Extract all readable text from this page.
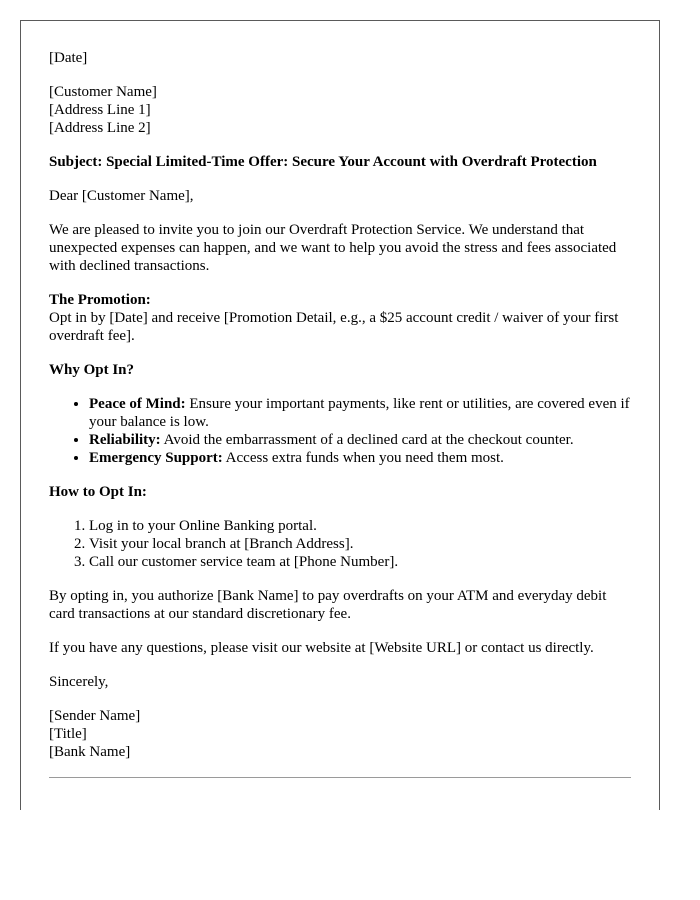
[Date]

[Customer Name]
[Address Line 1]
[Address Line 2]

Subject: Special Limited-Time Offer: Secure Your Account with Overdraft Protection

Dear [Customer Name],

We are pleased to invite you to join our Overdraft Protection Service. We understand that unexpected expenses can happen, and we want to help you avoid the stress and fees associated with declined transactions.

The Promotion:
Opt in by [Date] and receive [Promotion Detail, e.g., a $25 account credit / waiver of your first overdraft fee].

Why Opt In?

• Peace of Mind: Ensure your important payments, like rent or utilities, are covered even if your balance is low.
• Reliability: Avoid the embarrassment of a declined card at the checkout counter.
• Emergency Support: Access extra funds when you need them most.

How to Opt In:

1. Log in to your Online Banking portal.
2. Visit your local branch at [Branch Address].
3. Call our customer service team at [Phone Number].

By opting in, you authorize [Bank Name] to pay overdrafts on your ATM and everyday debit card transactions at our standard discretionary fee.

If you have any questions, please visit our website at [Website URL] or contact us directly.

Sincerely,

[Sender Name]
[Title]
[Bank Name]
